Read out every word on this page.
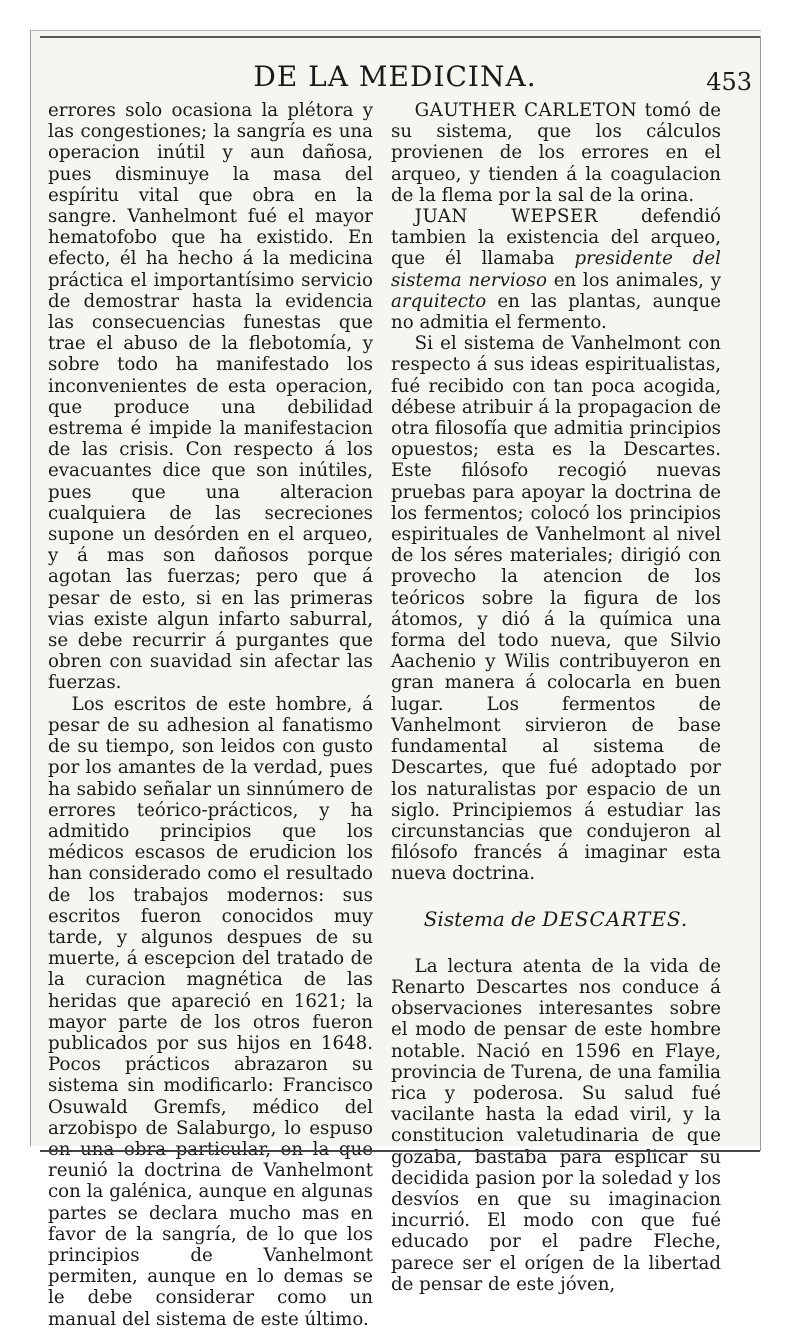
DE LA MEDICINA.	453

errores solo ocasiona la plétora y las congestiones; la sangría es una operacion inútil y aun dañosa, pues disminuye la masa del espíritu vital que obra en la sangre. Vanhelmont fué el mayor hematofobo que ha existido. En efecto, él ha hecho á la medicina práctica el importantísimo servicio de demostrar hasta la evidencia las consecuencias funestas que trae el abuso de la flebotomía, y sobre todo ha manifestado los inconvenientes de esta operacion, que produce una debilidad estrema é impide la manifestacion de las crisis. Con respecto á los evacuantes dice que son inútiles, pues que una alteracion cualquiera de las secreciones supone un desórden en el arqueo, y á mas son dañosos porque agotan las fuerzas; pero que á pesar de esto, si en las primeras vias existe algun infarto saburral, se debe recurrir á purgantes que obren con suavidad sin afectar las fuerzas.

Los escritos de este hombre, á pesar de su adhesion al fanatismo de su tiempo, son leidos con gusto por los amantes de la verdad, pues ha sabido señalar un sinnúmero de errores teórico-prácticos, y ha admitido principios que los médicos escasos de erudicion los han considerado como el resultado de los trabajos modernos: sus escritos fueron conocidos muy tarde, y algunos despues de su muerte, á escepcion del tratado de la curacion magnética de las heridas que apareció en 1621; la mayor parte de los otros fueron publicados por sus hijos en 1648. Pocos prácticos abrazaron su sistema sin modificarlo: Francisco Osuwald Gremfs, médico del arzobispo de Salaburgo, lo espuso en una obra particular, en la que reunió la doctrina de Vanhelmont con la galénica, aunque en algunas partes se declara mucho mas en favor de la sangría, de lo que los principios de Vanhelmont permiten, aunque en lo demas se le debe considerar como un manual del sistema de este último.

GAUTHER CARLETON tomó de su sistema, que los cálculos provienen de los errores en el arqueo, y tienden á la coagulacion de la flema por la sal de la orina.

JUAN WEPSER defendió tambien la existencia del arqueo, que él llamaba presidente del sistema nervioso en los animales, y arquitecto en las plantas, aunque no admitia el fermento.

Si el sistema de Vanhelmont con respecto á sus ideas espiritualistas, fué recibido con tan poca acogida, débese atribuir á la propagacion de otra filosofía que admitia principios opuestos; esta es la Descartes. Este filósofo recogió nuevas pruebas para apoyar la doctrina de los fermentos; colocó los principios espirituales de Vanhelmont al nivel de los séres materiales; dirigió con provecho la atencion de los teóricos sobre la figura de los átomos, y dió á la química una forma del todo nueva, que Silvio Aachenio y Wilis contribuyeron en gran manera á colocarla en buen lugar. Los fermentos de Vanhelmont sirvieron de base fundamental al sistema de Descartes, que fué adoptado por los naturalistas por espacio de un siglo. Principiemos á estudiar las circunstancias que condujeron al filósofo francés á imaginar esta nueva doctrina.

Sistema de DESCARTES.

La lectura atenta de la vida de Renarto Descartes nos conduce á observaciones interesantes sobre el modo de pensar de este hombre notable. Nació en 1596 en Flaye, provincia de Turena, de una familia rica y poderosa. Su salud fué vacilante hasta la edad viril, y la constitucion valetudinaria de que gozaba, bastaba para esplicar su decidida pasion por la soledad y los desvíos en que su imaginacion incurrió. El modo con que fué educado por el padre Fleche, parece ser el orígen de la libertad de pensar de este jóven,
